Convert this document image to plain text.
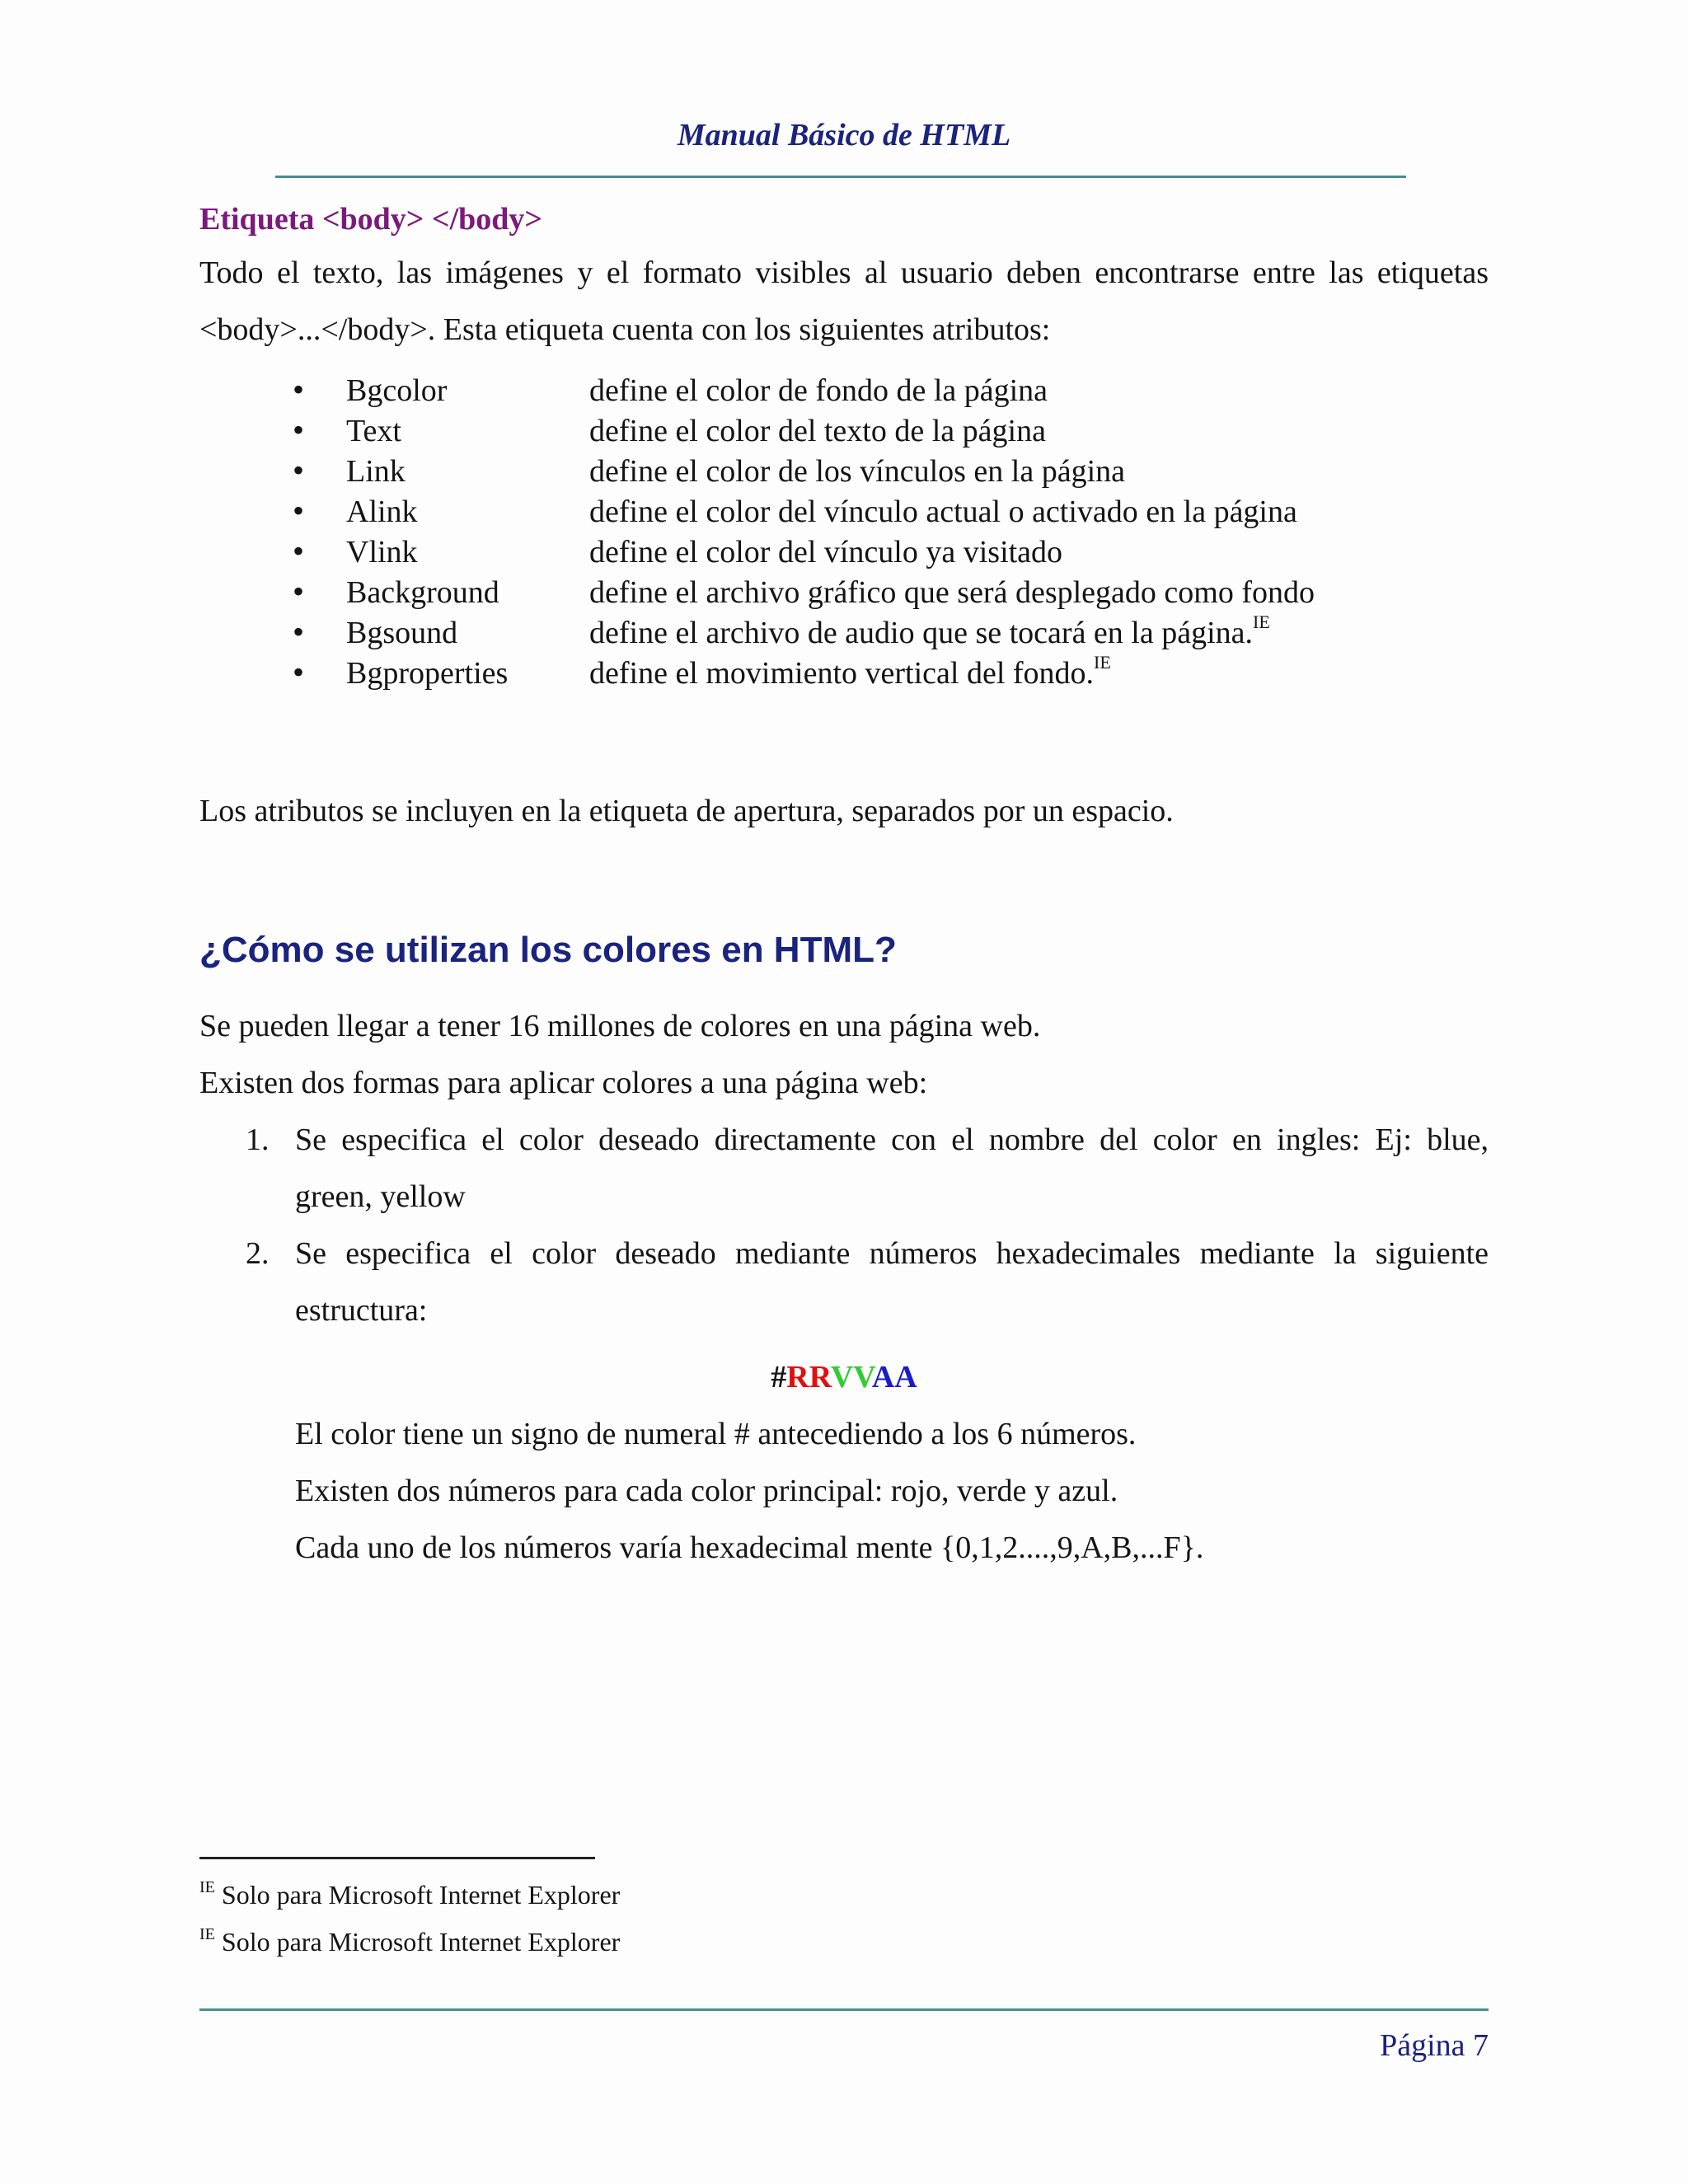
Manual Básico de HTML
Etiqueta <body> </body>
Todo el texto, las imágenes y el formato visibles al usuario deben encontrarse entre las etiquetas
<body>...</body>. Esta etiqueta cuenta con los siguientes atributos:
• Bgcolor	define el color de fondo de la página
• Text	define el color del texto de la página
• Link	define el color de los vínculos en la página
• Alink	define el color del vínculo actual o activado en la página
• Vlink	define el color del vínculo ya visitado
• Background	define el archivo gráfico que será desplegado como fondo
• Bgsound	define el archivo de audio que se tocará en la página.$^{IE}$
• Bgproperties	define el movimiento vertical del fondo.$^{IE}$
Los atributos se incluyen en la etiqueta de apertura, separados por un espacio.
¿Cómo se utilizan los colores en HTML?
Se pueden llegar a tener 16 millones de colores en una página web.
Existen dos formas para aplicar colores a una página web:
1. Se especifica el color deseado directamente con el nombre del color en ingles: Ej: blue,
green, yellow
2. Se especifica el color deseado mediante números hexadecimales mediante la siguiente
estructura:
#RRVVAA
El color tiene un signo de numeral # antecediendo a los 6 números.
Existen dos números para cada color principal: rojo, verde y azul.
Cada uno de los números varía hexadecimal mente {0,1,2....,9,A,B,...F}.
$^{IE}$ Solo para Microsoft Internet Explorer
$^{IE}$ Solo para Microsoft Internet Explorer
Página 7
